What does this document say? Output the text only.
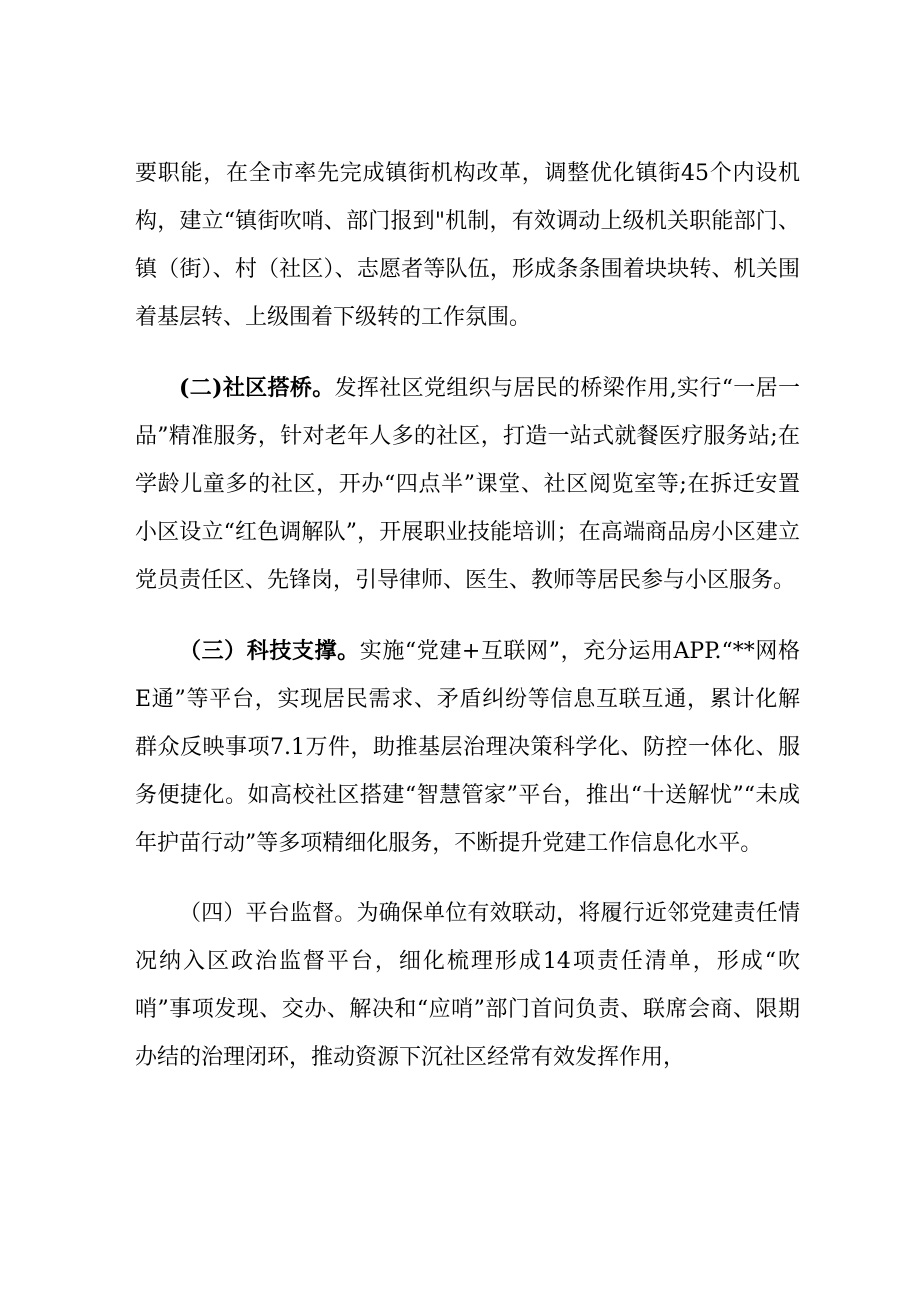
要职能，在全市率先完成镇街机构改革，调整优化镇街45个内设机构，建立“镇街吹哨、部门报到"机制，有效调动上级机关职能部门、镇（街）、村（社区）、志愿者等队伍，形成条条围着块块转、机关围着基层转、上级围着下级转的工作氛围。

(二)社区搭桥。发挥社区党组织与居民的桥梁作用,实行“一居一品”精准服务，针对老年人多的社区，打造一站式就餐医疗服务站;在学龄儿童多的社区，开办“四点半”课堂、社区阅览室等;在拆迁安置小区设立“红色调解队”，开展职业技能培训；在高端商品房小区建立党员责任区、先锋岗，引导律师、医生、教师等居民参与小区服务。

（三）科技支撑。实施“党建+互联网”，充分运用APP.“**网格E通”等平台，实现居民需求、矛盾纠纷等信息互联互通，累计化解群众反映事项7.1万件，助推基层治理决策科学化、防控一体化、服务便捷化。如高校社区搭建“智慧管家”平台，推出“十送解忧”“未成年护苗行动”等多项精细化服务，不断提升党建工作信息化水平。

（四）平台监督。为确保单位有效联动，将履行近邻党建责任情况纳入区政治监督平台，细化梳理形成14项责任清单，形成“吹哨”事项发现、交办、解决和“应哨”部门首问负责、联席会商、限期办结的治理闭环，推动资源下沉社区经常有效发挥作用，
